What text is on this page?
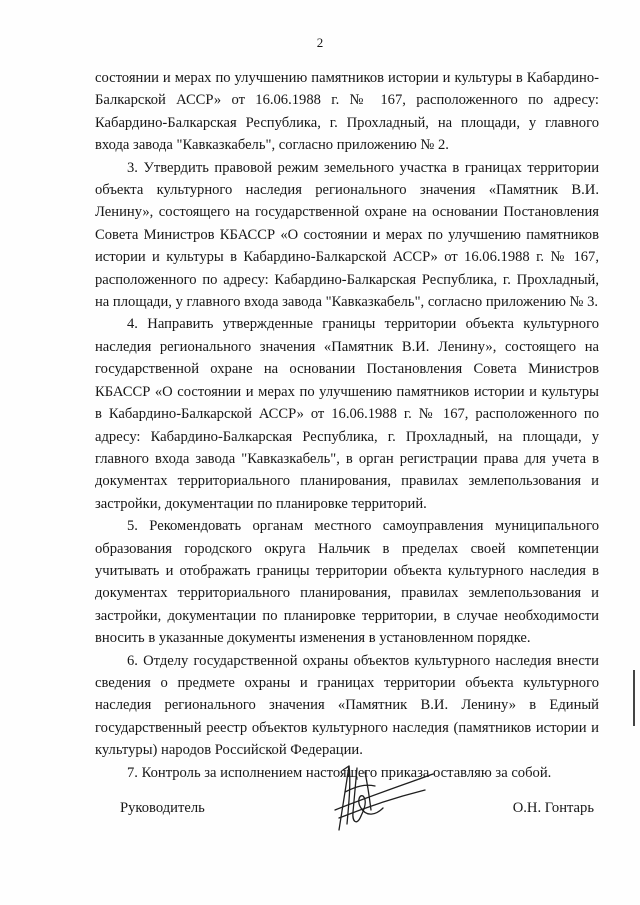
2

состоянии и мерах по улучшению памятников истории и культуры в Кабардино-Балкарской АССР» от 16.06.1988 г. № 167, расположенного по адресу: Кабардино-Балкарская Республика, г. Прохладный, на площади, у главного входа завода "Кавказкабель", согласно приложению № 2.

3. Утвердить правовой режим земельного участка в границах территории объекта культурного наследия регионального значения «Памятник В.И. Ленину», состоящего на государственной охране на основании Постановления Совета Министров КБАССР «О состоянии и мерах по улучшению памятников истории и культуры в Кабардино-Балкарской АССР» от 16.06.1988 г. № 167, расположенного по адресу: Кабардино-Балкарская Республика, г. Прохладный, на площади, у главного входа завода "Кавказкабель", согласно приложению № 3.

4. Направить утвержденные границы территории объекта культурного наследия регионального значения «Памятник В.И. Ленину», состоящего на государственной охране на основании Постановления Совета Министров КБАССР «О состоянии и мерах по улучшению памятников истории и культуры в Кабардино-Балкарской АССР» от 16.06.1988 г. № 167, расположенного по адресу: Кабардино-Балкарская Республика, г. Прохладный, на площади, у главного входа завода "Кавказкабель", в орган регистрации права для учета в документах территориального планирования, правилах землепользования и застройки, документации по планировке территорий.

5. Рекомендовать органам местного самоуправления муниципального образования городского округа Нальчик в пределах своей компетенции учитывать и отображать границы территории объекта культурного наследия в документах территориального планирования, правилах землепользования и застройки, документации по планировке территории, в случае необходимости вносить в указанные документы изменения в установленном порядке.

6. Отделу государственной охраны объектов культурного наследия внести сведения о предмете охраны и границах территории объекта культурного наследия регионального значения «Памятник В.И. Ленину» в Единый государственный реестр объектов культурного наследия (памятников истории и культуры) народов Российской Федерации.

7. Контроль за исполнением настоящего приказа оставляю за собой.

Руководитель	О.Н. Гонтарь
